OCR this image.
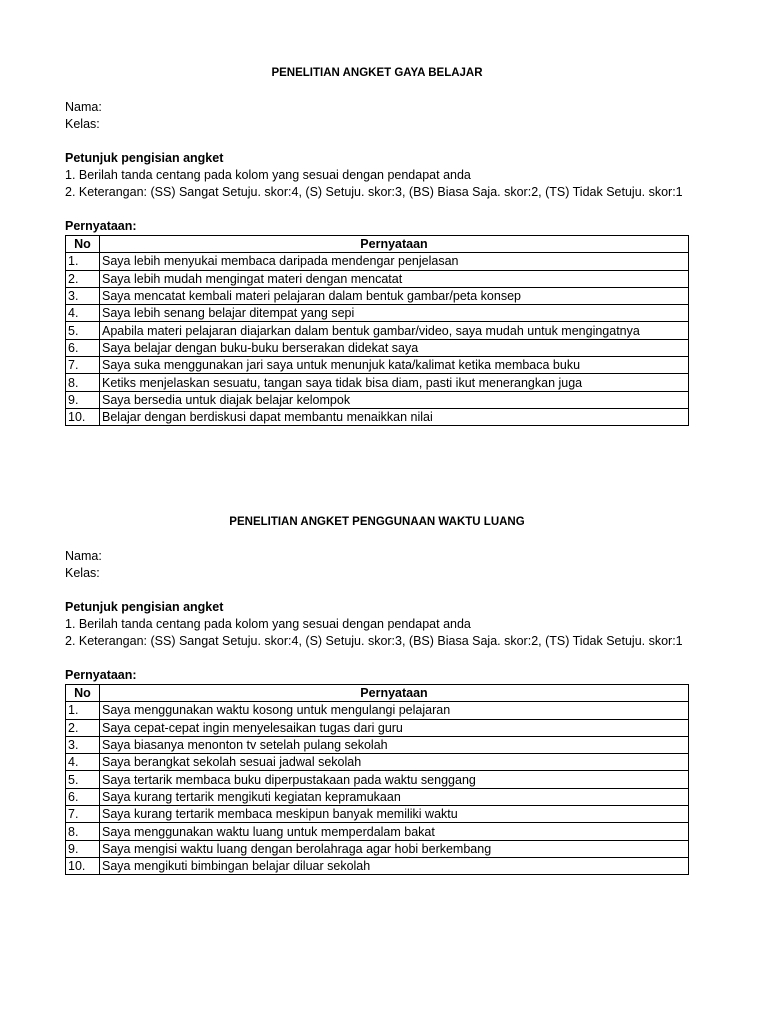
PENELITIAN ANGKET GAYA BELAJAR
Nama:
Kelas:
Petunjuk pengisian angket
1. Berilah tanda centang pada kolom yang sesuai dengan pendapat anda
2. Keterangan: (SS) Sangat Setuju. skor:4, (S) Setuju. skor:3, (BS) Biasa Saja. skor:2, (TS) Tidak Setuju. skor:1
Pernyataan:
No	Pernyataan
1.	Saya lebih menyukai membaca daripada mendengar penjelasan
2.	Saya lebih mudah mengingat materi dengan mencatat
3.	Saya mencatat kembali materi pelajaran dalam bentuk gambar/peta konsep
4.	Saya lebih senang belajar ditempat yang sepi
5.	Apabila materi pelajaran diajarkan dalam bentuk gambar/video, saya mudah untuk mengingatnya
6.	Saya belajar dengan buku-buku berserakan didekat saya
7.	Saya suka menggunakan jari saya untuk menunjuk kata/kalimat ketika membaca buku
8.	Ketiks menjelaskan sesuatu, tangan saya tidak bisa diam, pasti ikut menerangkan juga
9.	Saya bersedia untuk diajak belajar kelompok
10.	Belajar dengan berdiskusi dapat membantu menaikkan nilai
PENELITIAN ANGKET PENGGUNAAN WAKTU LUANG
Nama:
Kelas:
Petunjuk pengisian angket
1. Berilah tanda centang pada kolom yang sesuai dengan pendapat anda
2. Keterangan: (SS) Sangat Setuju. skor:4, (S) Setuju. skor:3, (BS) Biasa Saja. skor:2, (TS) Tidak Setuju. skor:1
Pernyataan:
No	Pernyataan
1.	Saya menggunakan waktu kosong untuk mengulangi pelajaran
2.	Saya cepat-cepat ingin menyelesaikan tugas dari guru
3.	Saya biasanya menonton tv setelah pulang sekolah
4.	Saya berangkat sekolah sesuai jadwal sekolah
5.	Saya tertarik membaca buku diperpustakaan pada waktu senggang
6.	Saya kurang tertarik mengikuti kegiatan kepramukaan
7.	Saya kurang tertarik membaca meskipun banyak memiliki waktu
8.	Saya menggunakan waktu luang untuk memperdalam bakat
9.	Saya mengisi waktu luang dengan berolahraga agar hobi berkembang
10.	Saya mengikuti bimbingan belajar diluar sekolah
